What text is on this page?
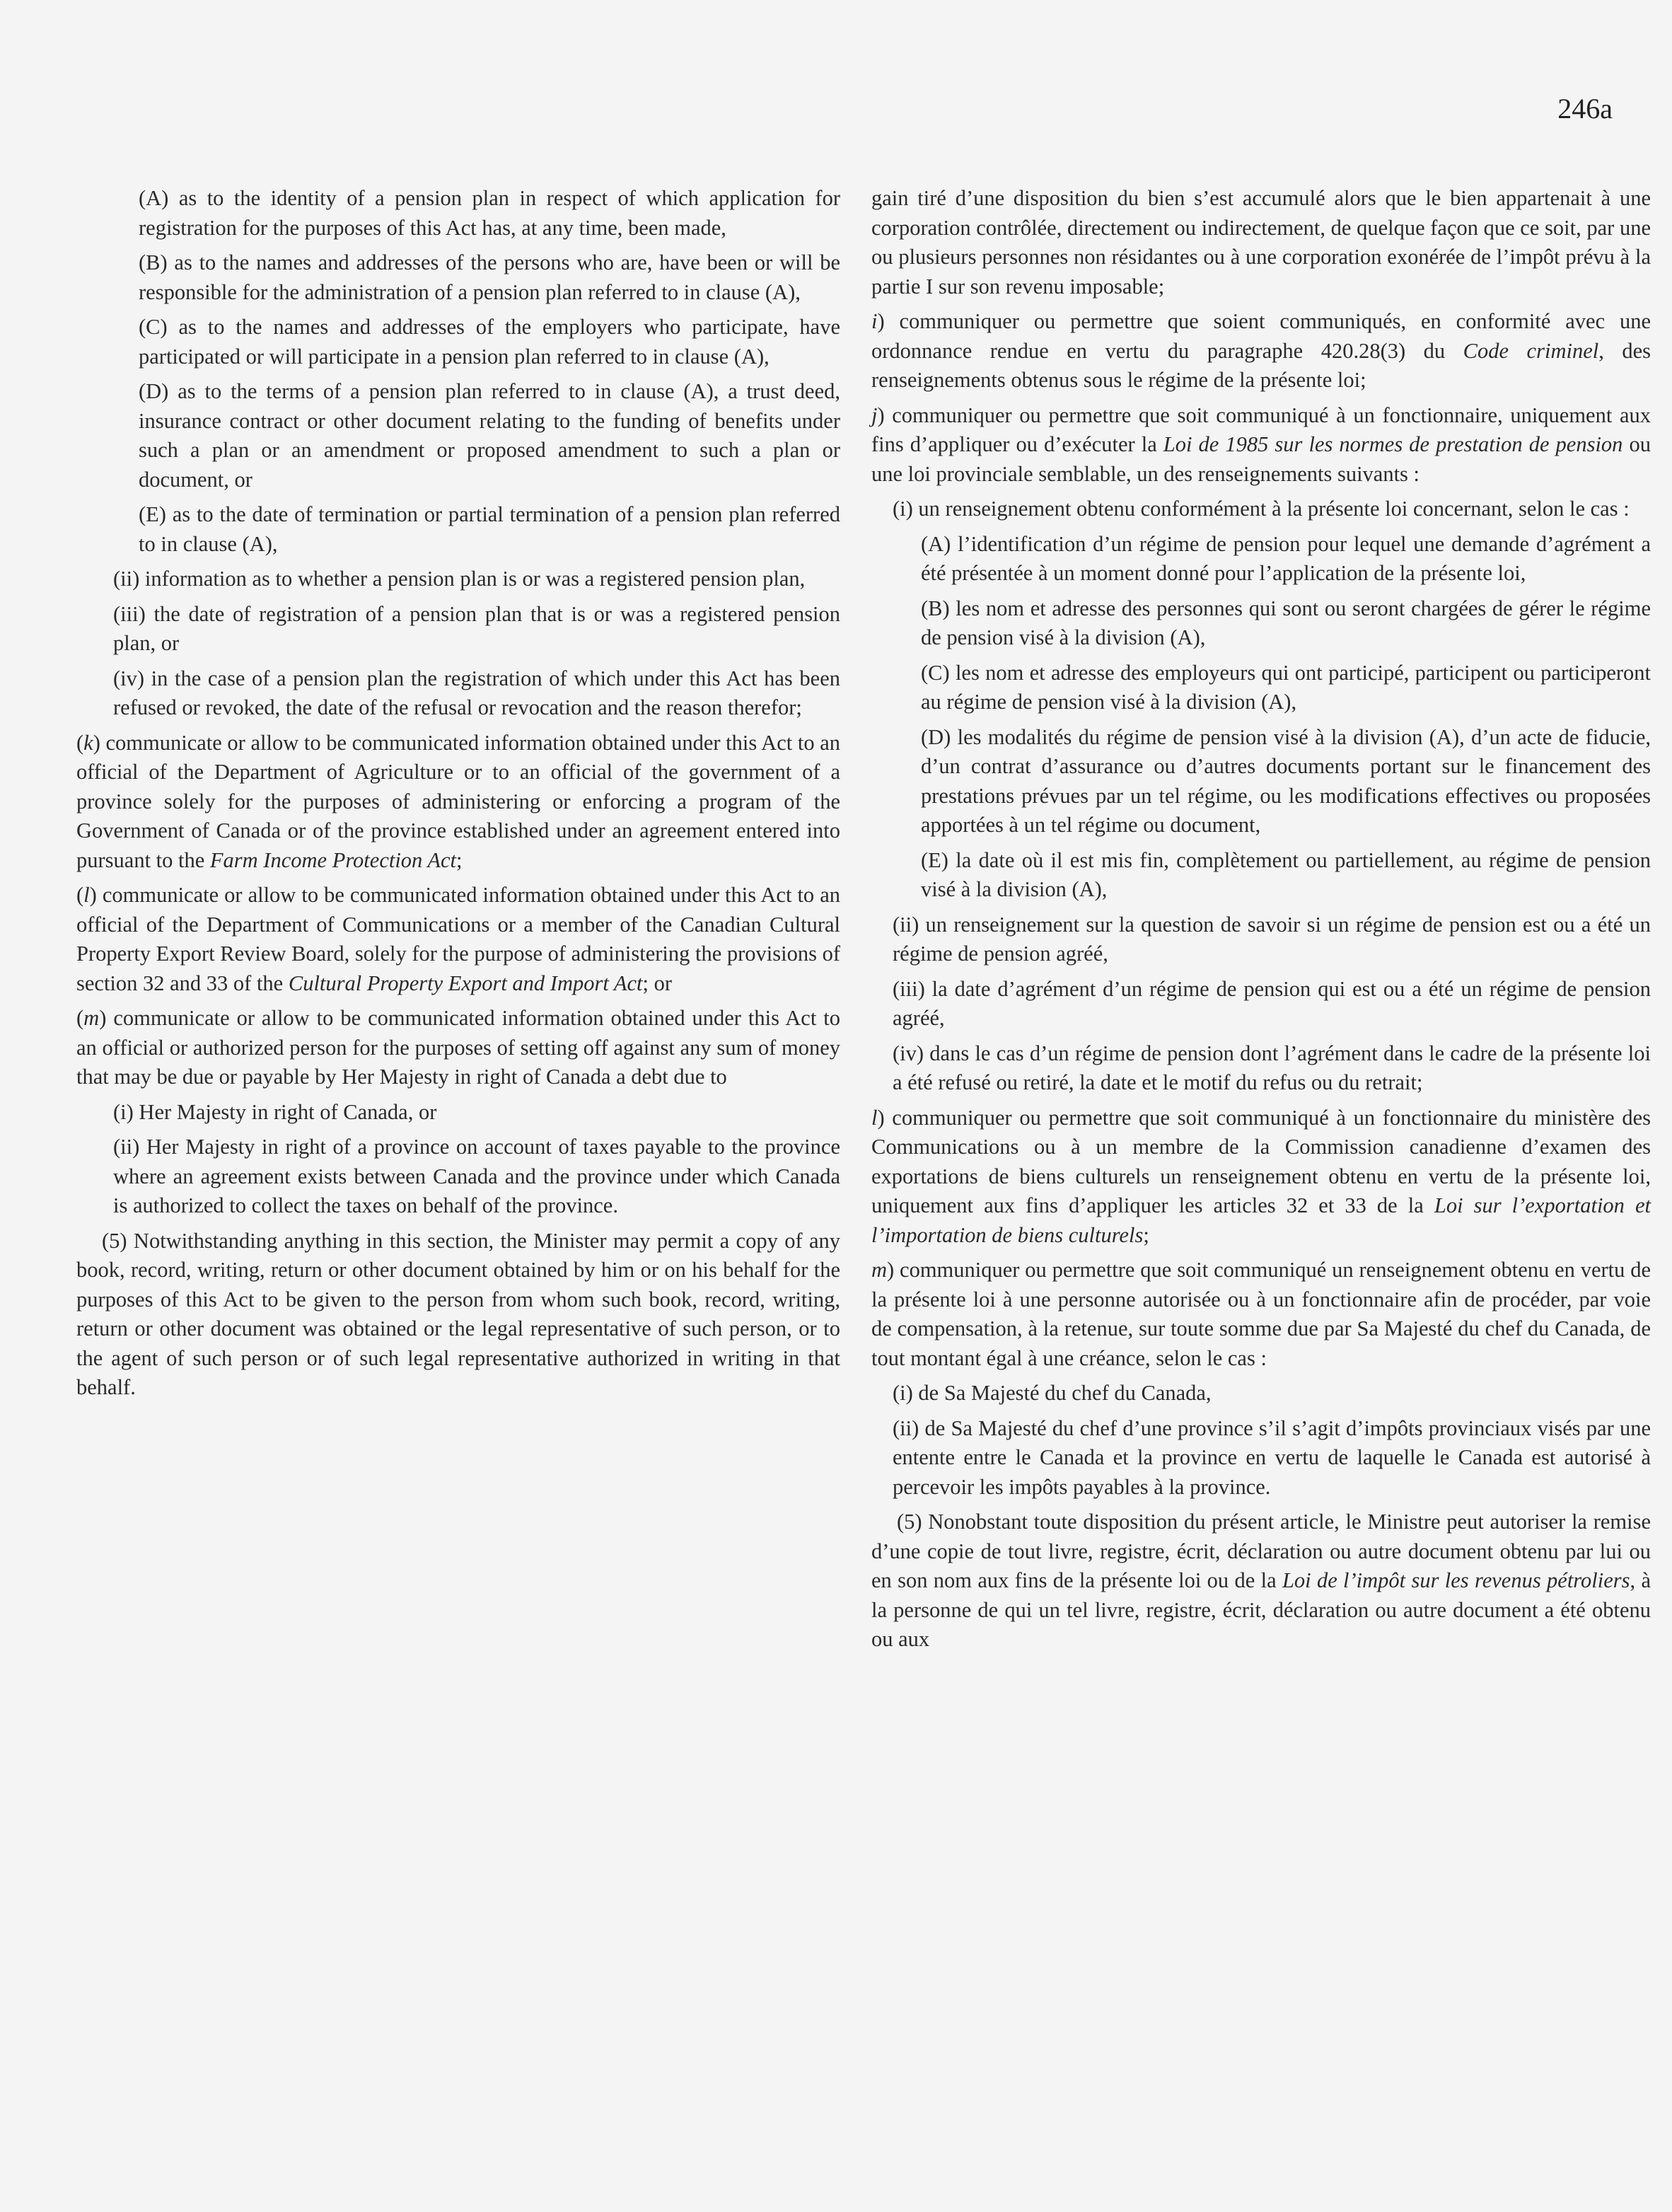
246a

(A) as to the identity of a pension plan in respect of which application for registration for the purposes of this Act has, at any time, been made,

(B) as to the names and addresses of the persons who are, have been or will be responsible for the administration of a pension plan referred to in clause (A),

(C) as to the names and addresses of the employers who participate, have participated or will participate in a pension plan referred to in clause (A),

(D) as to the terms of a pension plan referred to in clause (A), a trust deed, insurance contract or other document relating to the funding of benefits under such a plan or an amendment or proposed amendment to such a plan or document, or

(E) as to the date of termination or partial termination of a pension plan referred to in clause (A),

(ii) information as to whether a pension plan is or was a registered pension plan,

(iii) the date of registration of a pension plan that is or was a registered pension plan, or

(iv) in the case of a pension plan the registration of which under this Act has been refused or revoked, the date of the refusal or revocation and the reason therefor;

(k) communicate or allow to be communicated information obtained under this Act to an official of the Department of Agriculture or to an official of the government of a province solely for the purposes of administering or enforcing a program of the Government of Canada or of the province established under an agreement entered into pursuant to the Farm Income Protection Act;

(l) communicate or allow to be communicated information obtained under this Act to an official of the Department of Communications or a member of the Canadian Cultural Property Export Review Board, solely for the purpose of administering the provisions of section 32 and 33 of the Cultural Property Export and Import Act; or

(m) communicate or allow to be communicated information obtained under this Act to an official or authorized person for the purposes of setting off against any sum of money that may be due or payable by Her Majesty in right of Canada a debt due to

(i) Her Majesty in right of Canada, or

(ii) Her Majesty in right of a province on account of taxes payable to the province where an agreement exists between Canada and the province under which Canada is authorized to collect the taxes on behalf of the province.

(5) Notwithstanding anything in this section, the Minister may permit a copy of any book, record, writing, return or other document obtained by him or on his behalf for the purposes of this Act to be given to the person from whom such book, record, writing, return or other document was obtained or the legal representative of such person, or to the agent of such person or of such legal representative authorized in writing in that behalf.

gain tiré d’une disposition du bien s’est accumulé alors que le bien appartenait à une corporation contrôlée, directement ou indirectement, de quelque façon que ce soit, par une ou plusieurs personnes non résidantes ou à une corporation exonérée de l’impôt prévu à la partie I sur son revenu imposable;

i) communiquer ou permettre que soient communiqués, en conformité avec une ordonnance rendue en vertu du paragraphe 420.28(3) du Code criminel, des renseignements obtenus sous le régime de la présente loi;

j) communiquer ou permettre que soit communiqué à un fonctionnaire, uniquement aux fins d’appliquer ou d’exécuter la Loi de 1985 sur les normes de prestation de pension ou une loi provinciale semblable, un des renseignements suivants :

(i) un renseignement obtenu conformément à la présente loi concernant, selon le cas :

(A) l’identification d’un régime de pension pour lequel une demande d’agrément a été présentée à un moment donné pour l’application de la présente loi,

(B) les nom et adresse des personnes qui sont ou seront chargées de gérer le régime de pension visé à la division (A),

(C) les nom et adresse des employeurs qui ont participé, participent ou participeront au régime de pension visé à la division (A),

(D) les modalités du régime de pension visé à la division (A), d’un acte de fiducie, d’un contrat d’assurance ou d’autres documents portant sur le financement des prestations prévues par un tel régime, ou les modifications effectives ou proposées apportées à un tel régime ou document,

(E) la date où il est mis fin, complètement ou partiellement, au régime de pension visé à la division (A),

(ii) un renseignement sur la question de savoir si un régime de pension est ou a été un régime de pension agréé,

(iii) la date d’agrément d’un régime de pension qui est ou a été un régime de pension agréé,

(iv) dans le cas d’un régime de pension dont l’agrément dans le cadre de la présente loi a été refusé ou retiré, la date et le motif du refus ou du retrait;

l) communiquer ou permettre que soit communiqué à un fonctionnaire du ministère des Communications ou à un membre de la Commission canadienne d’examen des exportations de biens culturels un renseignement obtenu en vertu de la présente loi, uniquement aux fins d’appliquer les articles 32 et 33 de la Loi sur l’exportation et l’importation de biens culturels;

m) communiquer ou permettre que soit communiqué un renseignement obtenu en vertu de la présente loi à une personne autorisée ou à un fonctionnaire afin de procéder, par voie de compensation, à la retenue, sur toute somme due par Sa Majesté du chef du Canada, de tout montant égal à une créance, selon le cas :

(i) de Sa Majesté du chef du Canada,

(ii) de Sa Majesté du chef d’une province s’il s’agit d’impôts provinciaux visés par une entente entre le Canada et la province en vertu de laquelle le Canada est autorisé à percevoir les impôts payables à la province.

(5) Nonobstant toute disposition du présent article, le Ministre peut autoriser la remise d’une copie de tout livre, registre, écrit, déclaration ou autre document obtenu par lui ou en son nom aux fins de la présente loi ou de la Loi de l’impôt sur les revenus pétroliers, à la personne de qui un tel livre, registre, écrit, déclaration ou autre document a été obtenu ou aux
